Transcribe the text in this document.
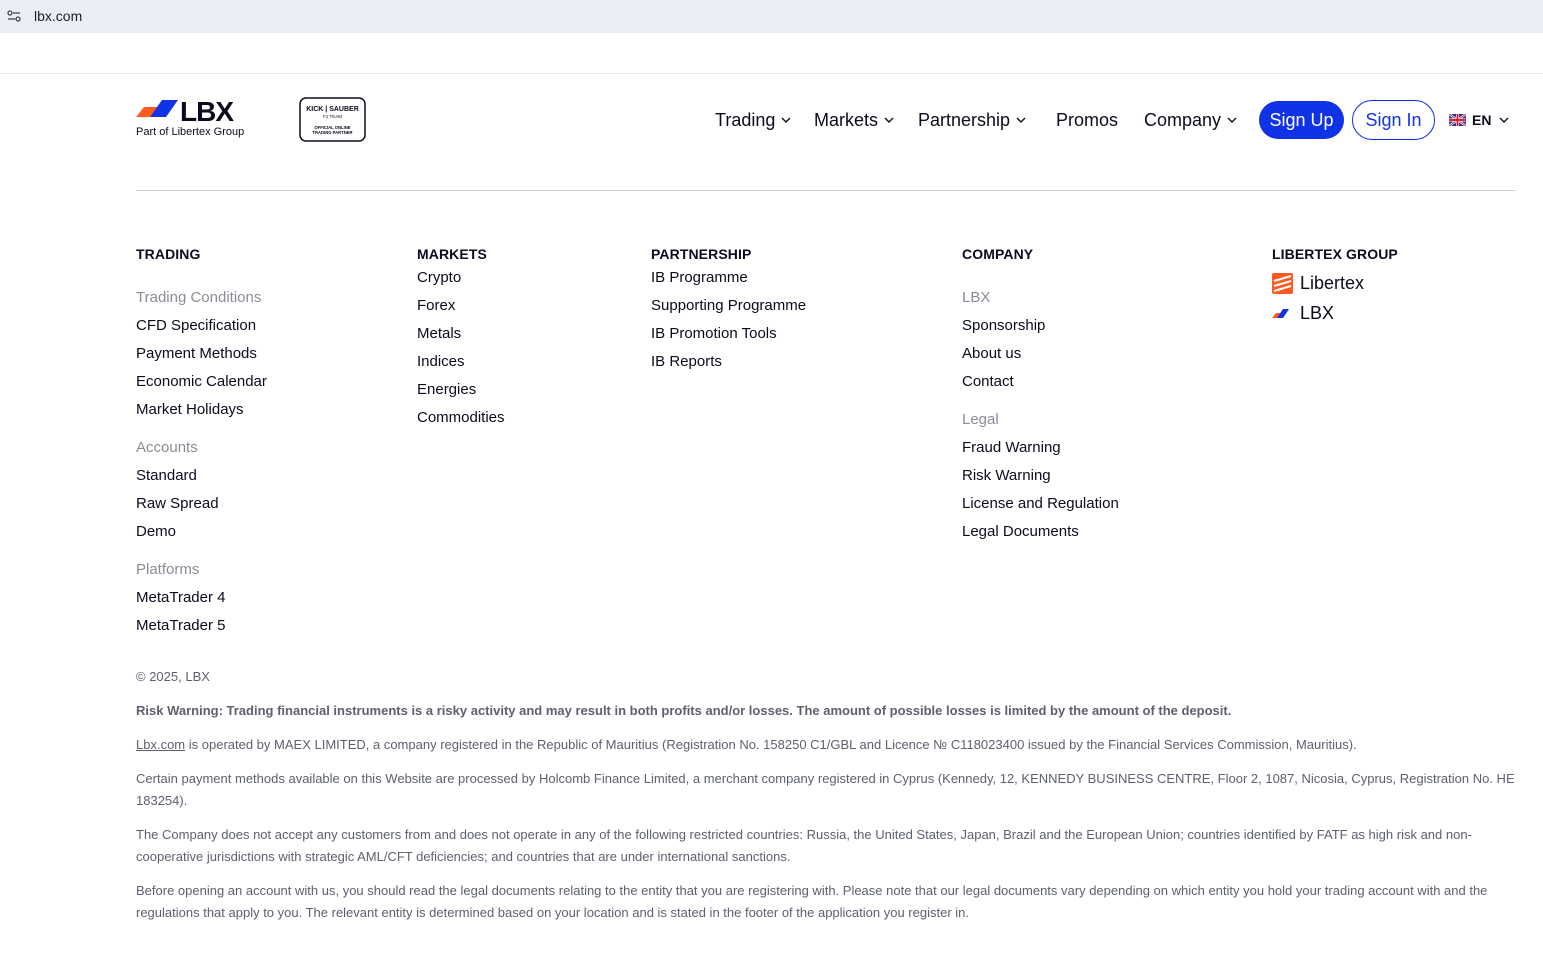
lbx.com
LBX
Part of Libertex Group
KICK | SAUBER
F1 TEAM
OFFICIAL ONLINE
TRADING PARTNER
Trading Markets Partnership	Promos Company	Sign Up	Sign In	EN
TRADING
Trading Conditions
CFD Specification
Payment Methods
Economic Calendar
Market Holidays
Accounts
Standard
Raw Spread
Demo
Platforms
MetaTrader 4
MetaTrader 5
MARKETS
Crypto
Forex
Metals
Indices
Energies
Commodities
PARTNERSHIP
IB Programme
Supporting Programme
IB Promotion Tools
IB Reports
COMPANY
LBX
Sponsorship
About us
Contact
Legal
Fraud Warning
Risk Warning
License and Regulation
Legal Documents
LIBERTEX GROUP
Libertex
LBX
© 2025, LBX
Risk Warning: Trading financial instruments is a risky activity and may result in both profits and/or losses. The amount of possible losses is limited by the amount of the deposit.
Lbx.com is operated by MAEX LIMITED, a company registered in the Republic of Mauritius (Registration No. 158250 C1/GBL and Licence № C118023400 issued by the Financial Services Commission, Mauritius).
Certain payment methods available on this Website are processed by Holcomb Finance Limited, a merchant company registered in Cyprus (Kennedy, 12, KENNEDY BUSINESS CENTRE, Floor 2, 1087, Nicosia, Cyprus, Registration No. HE 183254).
The Company does not accept any customers from and does not operate in any of the following restricted countries: Russia, the United States, Japan, Brazil and the European Union; countries identified by FATF as high risk and non-cooperative jurisdictions with strategic AML/CFT deficiencies; and countries that are under international sanctions.
Before opening an account with us, you should read the legal documents relating to the entity that you are registering with. Please note that our legal documents vary depending on which entity you hold your trading account with and the regulations that apply to you. The relevant entity is determined based on your location and is stated in the footer of the application you register in.
